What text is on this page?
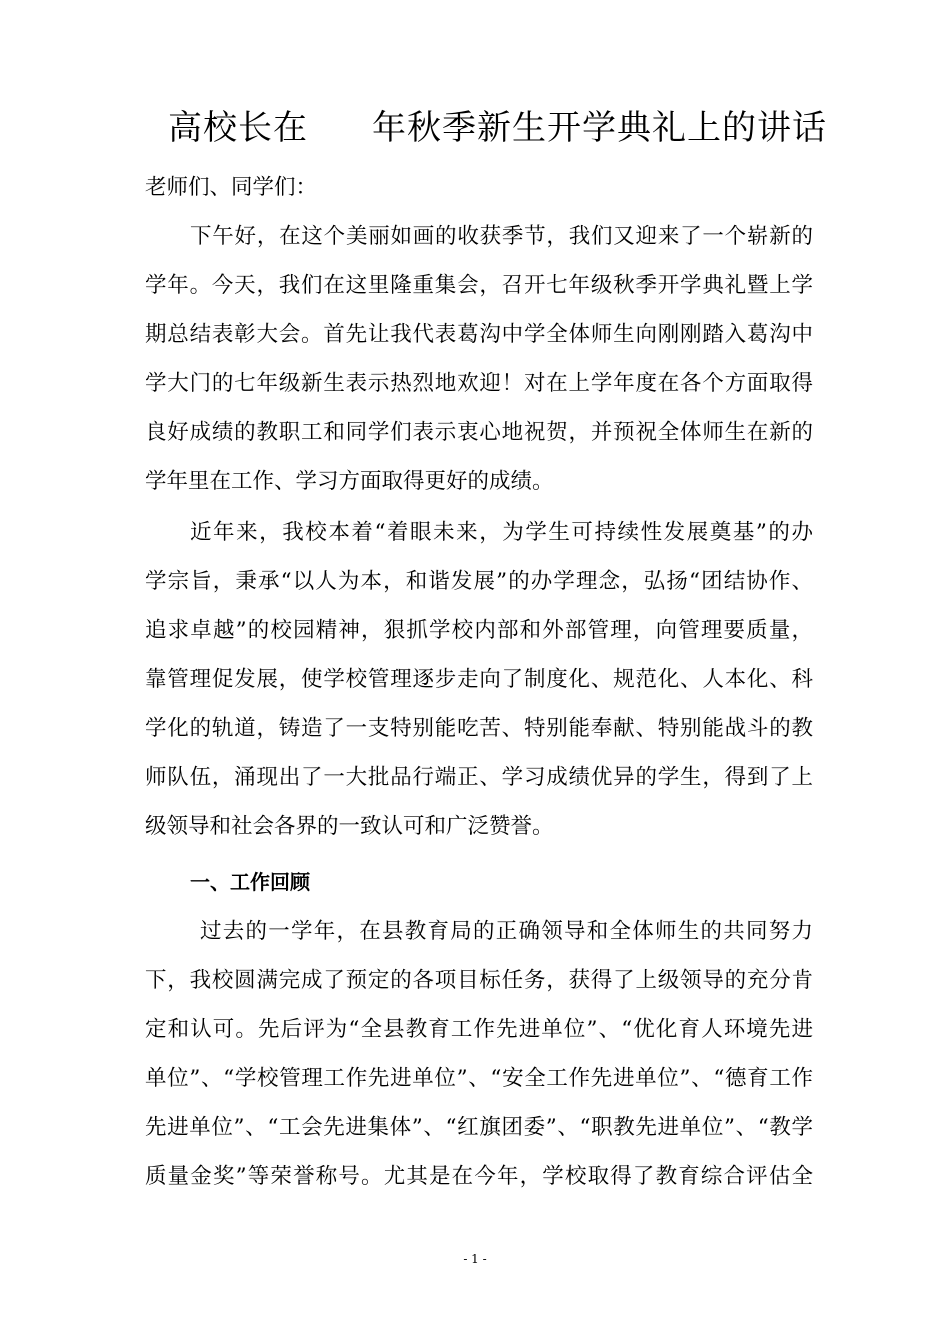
高校长在 年秋季新生开学典礼上的讲话
老师们、同学们：
下午好，在这个美丽如画的收获季节，我们又迎来了一个崭新的
学年。今天，我们在这里隆重集会，召开七年级秋季开学典礼暨上学
期总结表彰大会。首先让我代表葛沟中学全体师生向刚刚踏入葛沟中
学大门的七年级新生表示热烈地欢迎！对在上学年度在各个方面取得
良好成绩的教职工和同学们表示衷心地祝贺，并预祝全体师生在新的
学年里在工作、学习方面取得更好的成绩。
近年来，我校本着“着眼未来，为学生可持续性发展奠基”的办
学宗旨，秉承“以人为本，和谐发展”的办学理念，弘扬“团结协作、
追求卓越”的校园精神，狠抓学校内部和外部管理，向管理要质量，
靠管理促发展，使学校管理逐步走向了制度化、规范化、人本化、科
学化的轨道，铸造了一支特别能吃苦、特别能奉献、特别能战斗的教
师队伍，涌现出了一大批品行端正、学习成绩优异的学生，得到了上
级领导和社会各界的一致认可和广泛赞誉。
一、工作回顾
过去的一学年，在县教育局的正确领导和全体师生的共同努力
下，我校圆满完成了预定的各项目标任务，获得了上级领导的充分肯
定和认可。先后评为“全县教育工作先进单位”、“优化育人环境先进
单位”、“学校管理工作先进单位”、“安全工作先进单位”、“德育工作
先进单位”、“工会先进集体”、“红旗团委”、“职教先进单位”、“教学
质量金奖”等荣誉称号。尤其是在今年，学校取得了教育综合评估全
- 1 -
